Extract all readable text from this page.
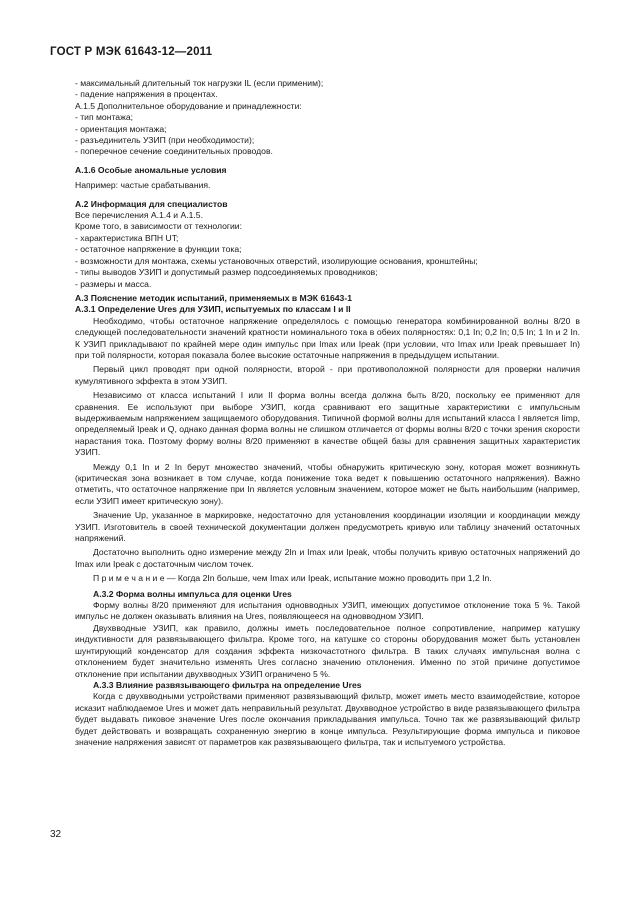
ГОСТ Р МЭК 61643-12—2011

- максимальный длительный ток нагрузки IL (если применим);

- падение напряжения в процентах.

А.1.5 Дополнительное оборудование и принадлежности:

- тип монтажа;

- ориентация монтажа;

- разъединитель УЗИП (при необходимости);

- поперечное сечение соединительных проводов.

А.1.6 Особые аномальные условия

Например: частые срабатывания.

А.2 Информация для специалистов

Все перечисления А.1.4 и А.1.5.

Кроме того, в зависимости от технологии:

- характеристика ВПН UT;

- остаточное напряжение в функции тока;

- возможности для монтажа, схемы установочных отверстий, изолирующие основания, кронштейны;

- типы выводов УЗИП и допустимый размер подсоединяемых проводников;

- размеры и масса.

А.3 Пояснение методик испытаний, применяемых в МЭК 61643-1

А.3.1 Определение Ures для УЗИП, испытуемых по классам I и II

Необходимо, чтобы остаточное напряжение определялось с помощью генератора комбинированной волны 8/20 в следующей последовательности значений кратности номинального тока в обеих полярностях: 0,1 In; 0,2 In; 0,5 In; 1 In и 2 In. К УЗИП прикладывают по крайней мере один импульс при Imax или Ipeak (при условии, что Imax или Ipeak превышает In) при той полярности, которая показала более высокие остаточные напряжения в предыдущем испытании.

Первый цикл проводят при одной полярности, второй - при противоположной полярности для проверки наличия кумулятивного эффекта в этом УЗИП.

Независимо от класса испытаний I или II форма волны всегда должна быть 8/20, поскольку ее применяют для сравнения. Ее используют при выборе УЗИП, когда сравнивают его защитные характеристики с импульсным выдерживаемым напряжением защищаемого оборудования. Типичной формой волны для испытаний класса I является Iimp, определяемый Ipeak и Q, однако данная форма волны не слишком отличается от формы волны 8/20 с точки зрения скорости нарастания тока. Поэтому форму волны 8/20 применяют в качестве общей базы для сравнения защитных характеристик УЗИП.

Между 0,1 In и 2 In берут множество значений, чтобы обнаружить критическую зону, которая может возникнуть (критическая зона возникает в том случае, когда понижение тока ведет к повышению остаточного напряжения). Важно отметить, что остаточное напряжение при In является условным значением, которое может не быть наибольшим (например, если УЗИП имеет критическую зону).

Значение Up, указанное в маркировке, недостаточно для установления координации изоляции и координации между УЗИП. Изготовитель в своей технической документации должен предусмотреть кривую или таблицу значений остаточных напряжений.

Достаточно выполнить одно измерение между 2In и Imax или Ipeak, чтобы получить кривую остаточных напряжений до Imax или Ipeak с достаточным числом точек.

П р и м е ч а н и е — Когда 2In больше, чем Imax или Ipeak, испытание можно проводить при 1,2 In.

А.3.2 Форма волны импульса для оценки Ures

Форму волны 8/20 применяют для испытания одновводных УЗИП, имеющих допустимое отклонение тока 5 %. Такой импульс не должен оказывать влияния на Ures, появляющееся на одновводном УЗИП.

Двухвводные УЗИП, как правило, должны иметь последовательное полное сопротивление, например катушку индуктивности для развязывающего фильтра. Кроме того, на катушке со стороны оборудования может быть установлен шунтирующий конденсатор для создания эффекта низкочастотного фильтра. В таких случаях импульсная волна с отклонением будет значительно изменять Ures согласно значению отклонения. Именно по этой причине допустимое отклонение при испытании двухвводных УЗИП ограничено 5 %.

А.3.3 Влияние развязывающего фильтра на определение Ures

Когда с двухвводными устройствами применяют развязывающий фильтр, может иметь место взаимодействие, которое исказит наблюдаемое Ures и может дать неправильный результат. Двухвводное устройство в виде развязывающего фильтра будет выдавать пиковое значение Ures после окончания прикладывания импульса. Точно так же развязывающий фильтр будет действовать и возвращать сохраненную энергию в конце импульса. Результирующие форма импульса и пиковое значение напряжения зависят от параметров как развязывающего фильтра, так и испытуемого устройства.

32
